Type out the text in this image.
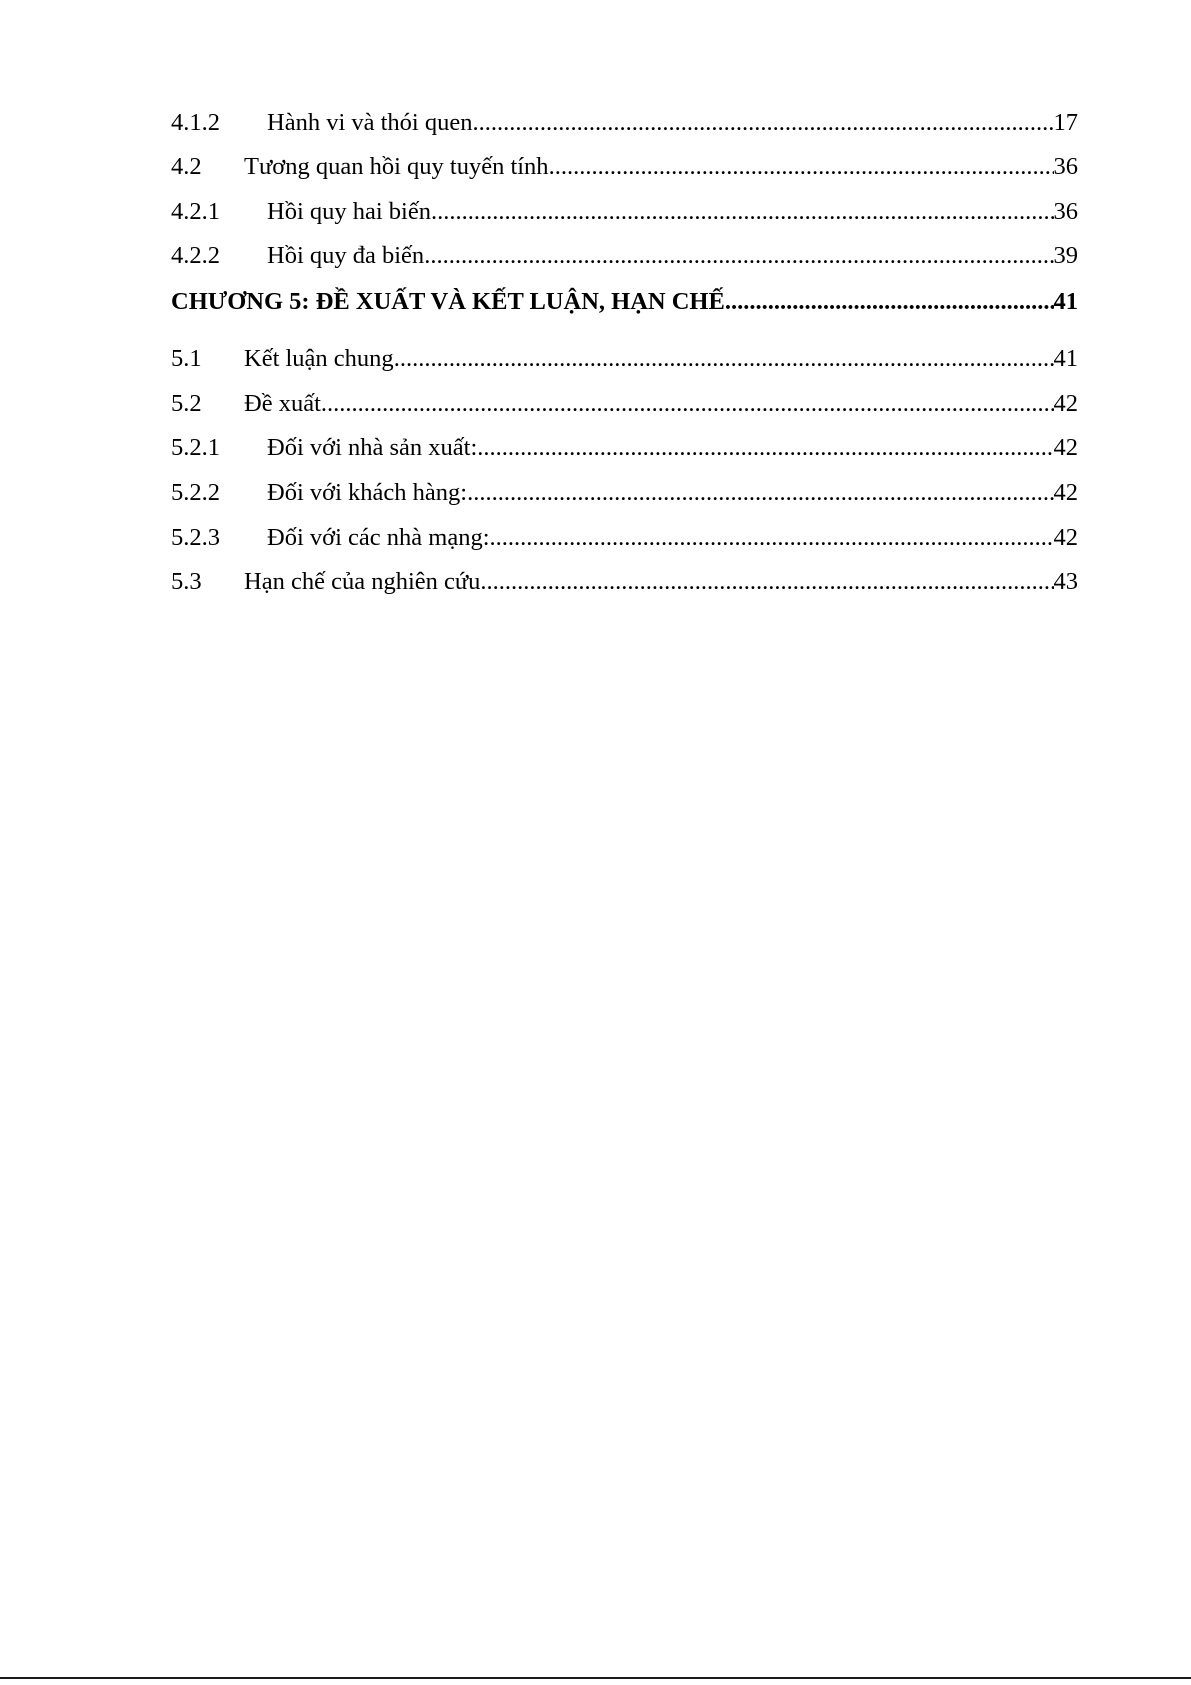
4.1.2	Hành vi và thói quen .....	17
4.2	Tương quan hồi quy tuyến tính .....	36
4.2.1	Hồi quy hai biến .....	36
4.2.2	Hồi quy đa biến .....	39
CHƯƠNG 5: ĐỀ XUẤT VÀ KẾT LUẬN, HẠN CHẾ .....	41
5.1	Kết luận chung .....	41
5.2	Đề xuất .....	42
5.2.1	Đối với nhà sản xuất: .....	42
5.2.2	Đối với khách hàng: .....	42
5.2.3	Đối với các nhà mạng: .....	42
5.3	Hạn chế của nghiên cứu .....	43
